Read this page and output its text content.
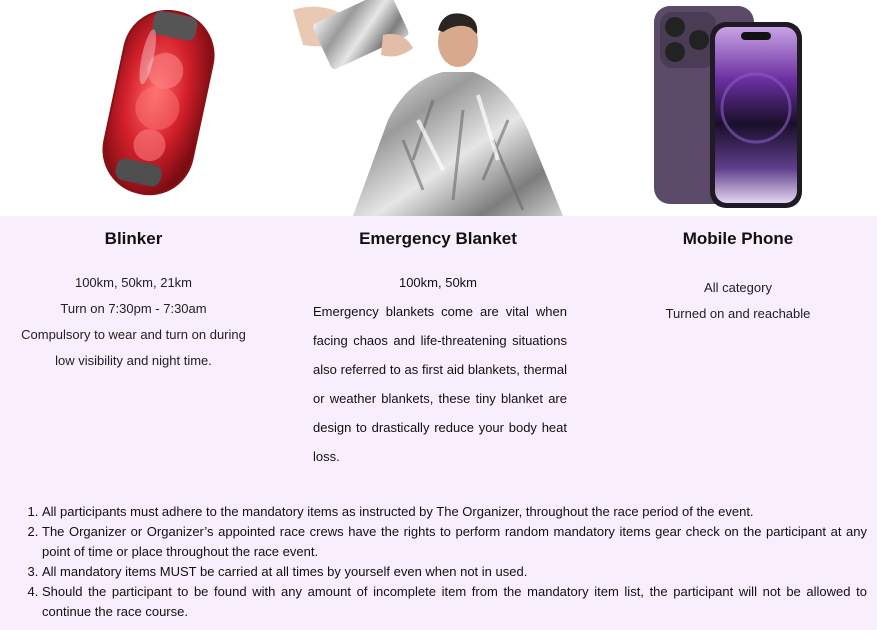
Blinker
100km, 50km, 21km
Turn on 7:30pm - 7:30am
Compulsory to wear and turn on during
low visibility and night time.
Emergency Blanket
100km, 50km
Emergency blankets come are vital when facing chaos and life-threatening situations also referred to as first aid blankets, thermal or weather blankets, these tiny blanket are design to drastically reduce your body heat loss.
Mobile Phone
All category
Turned on and reachable
1. All participants must adhere to the mandatory items as instructed by The Organizer, throughout the race period of the event.
2. The Organizer or Organizer’s appointed race crews have the rights to perform random mandatory items gear check on the participant at any point of time or place throughout the race event.
3. All mandatory items MUST be carried at all times by yourself even when not in used.
4. Should the participant to be found with any amount of incomplete item from the mandatory item list, the participant will not be allowed to continue the race course.
